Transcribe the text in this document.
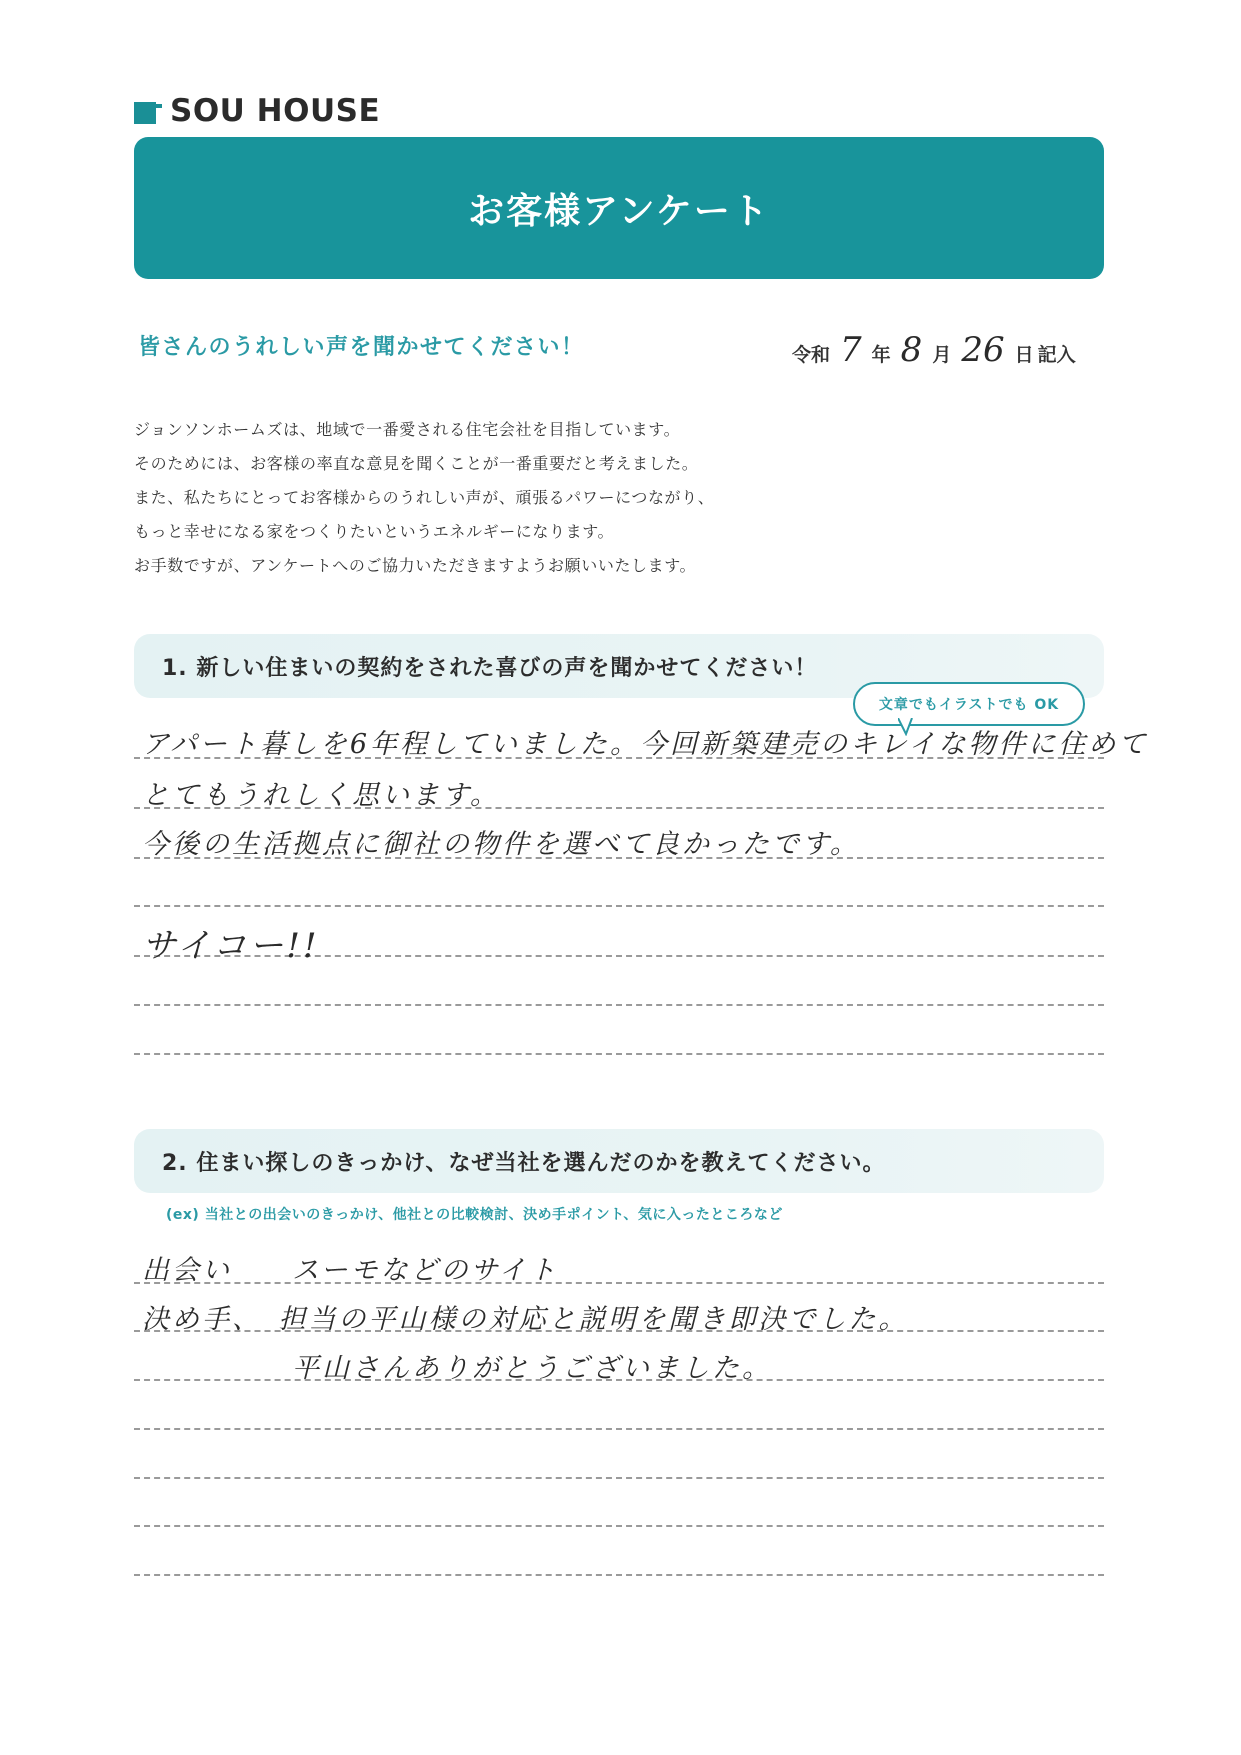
SOU HOUSE
お客様アンケート
皆さんのうれしい声を聞かせてください！	令和 7 年 8 月 26 日 記入
ジョンソンホームズは、地域で一番愛される住宅会社を目指しています。
そのためには、お客様の率直な意見を聞くことが一番重要だと考えました。
また、私たちにとってお客様からのうれしい声が、頑張るパワーにつながり、
もっと幸せになる家をつくりたいというエネルギーになります。
お手数ですが、アンケートへのご協力いただきますようお願いいたします。
1. 新しい住まいの契約をされた喜びの声を聞かせてください！
文章でもイラストでも OK
アパート暮しを6年程していました。今回新築建売のキレイな物件に住めて
とてもうれしく思います。
今後の生活拠点に御社の物件を選べて良かったです。
サイコー!!
2. 住まい探しのきっかけ、なぜ当社を選んだのかを教えてください。
(ex) 当社との出会いのきっかけ、他社との比較検討、決め手ポイント、気に入ったところなど
出会い　　スーモなどのサイト
決め手、　担当の平山様の対応と説明を聞き即決でした。
　　　　　平山さんありがとうございました。
